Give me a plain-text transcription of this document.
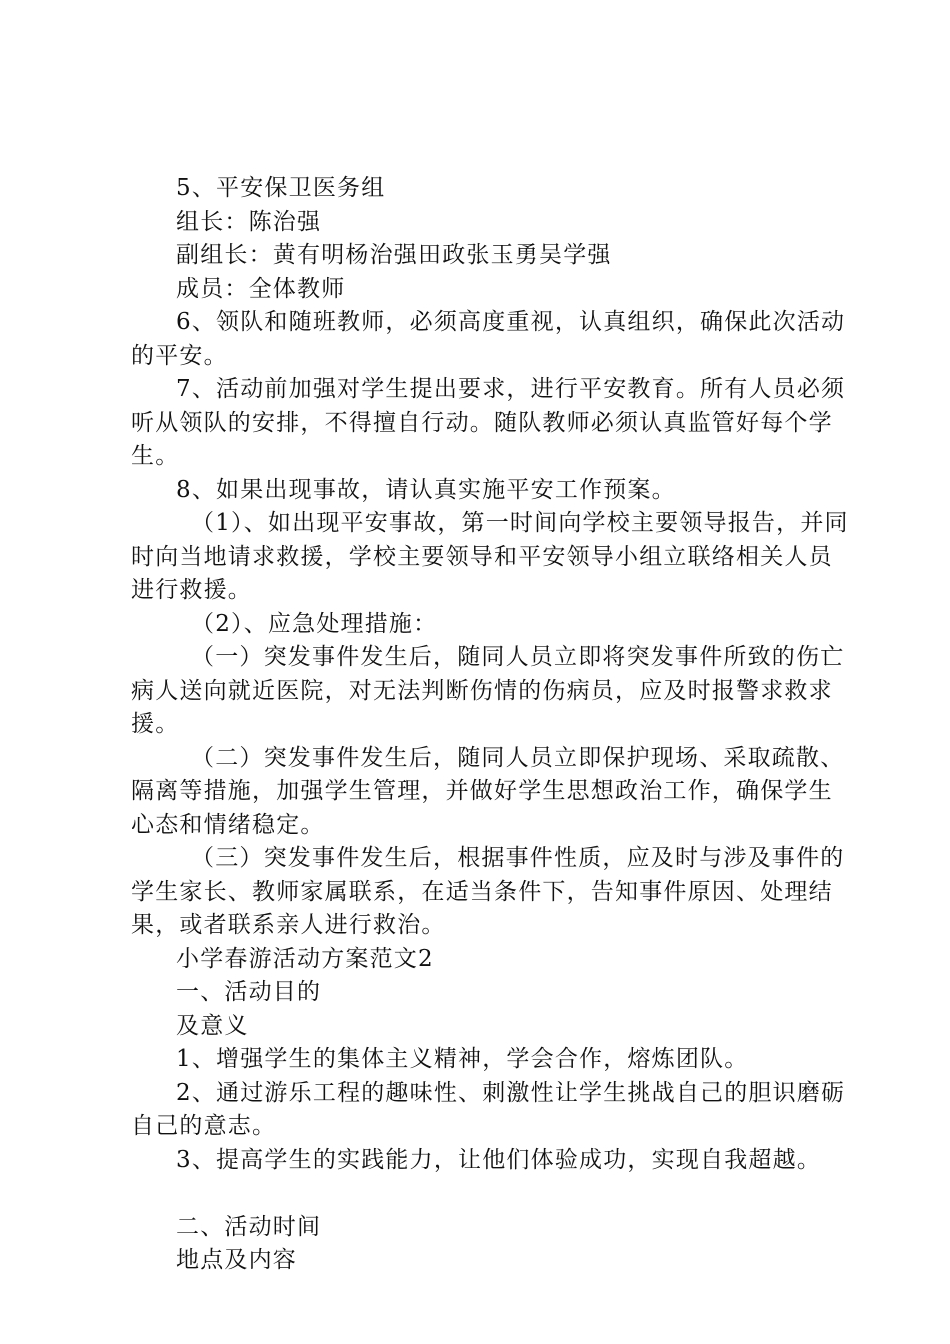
5、平安保卫医务组

组长：陈治强

副组长：黄有明杨治强田政张玉勇吴学强

成员：全体教师

6、领队和随班教师，必须高度重视，认真组织，确保此次活动的平安。

7、活动前加强对学生提出要求，进行平安教育。所有人员必须听从领队的安排，不得擅自行动。随队教师必须认真监管好每个学生。

8、如果出现事故，请认真实施平安工作预案。

（1）、如出现平安事故，第一时间向学校主要领导报告，并同时向当地请求救援，学校主要领导和平安领导小组立联络相关人员进行救援。

（2）、应急处理措施：

（一）突发事件发生后，随同人员立即将突发事件所致的伤亡病人送向就近医院，对无法判断伤情的伤病员，应及时报警求救求援。

（二）突发事件发生后，随同人员立即保护现场、采取疏散、隔离等措施，加强学生管理，并做好学生思想政治工作，确保学生心态和情绪稳定。

（三）突发事件发生后，根据事件性质，应及时与涉及事件的学生家长、教师家属联系，在适当条件下，告知事件原因、处理结果，或者联系亲人进行救治。

小学春游活动方案范文2

一、活动目的

及意义

1、增强学生的集体主义精神，学会合作，熔炼团队。

2、通过游乐工程的趣味性、刺激性让学生挑战自己的胆识磨砺自己的意志。

3、提高学生的实践能力，让他们体验成功，实现自我超越。

二、活动时间

地点及内容
